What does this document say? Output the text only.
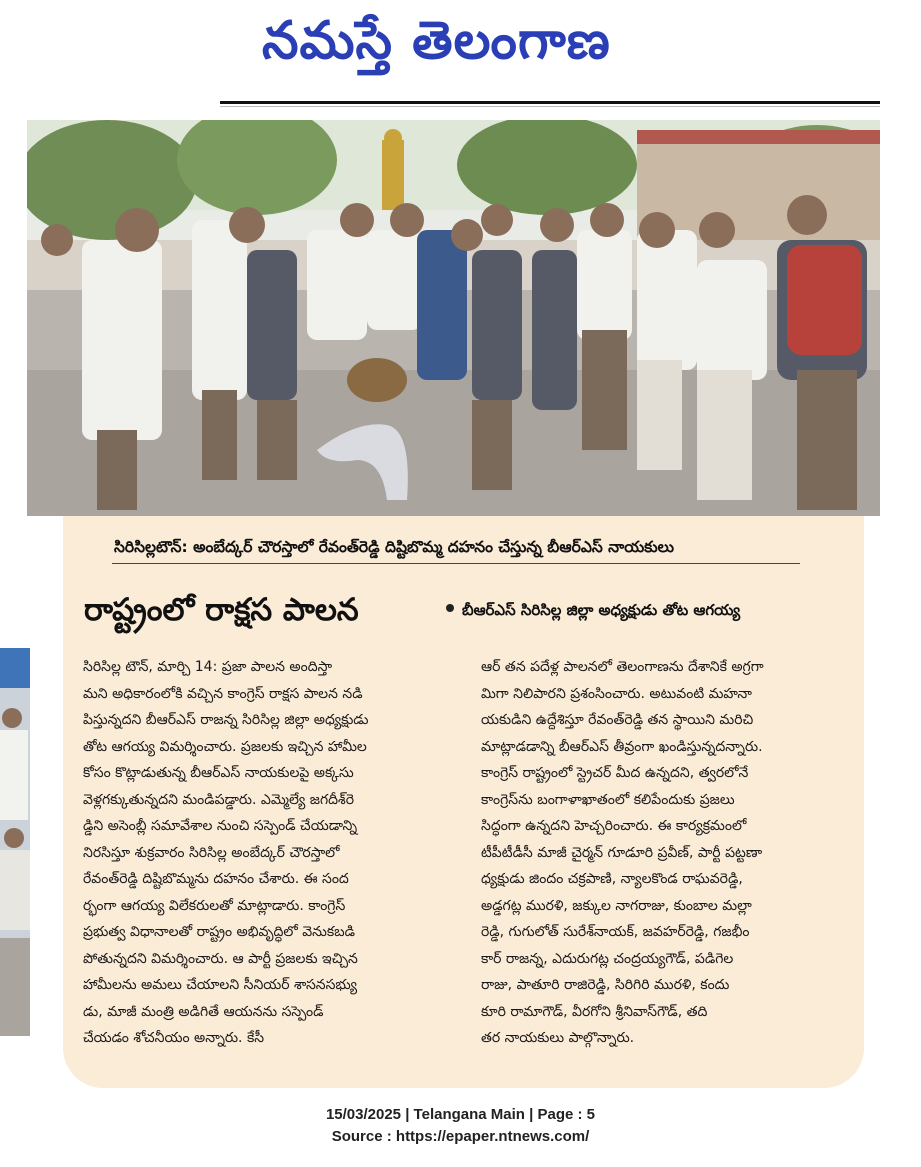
నమస్తే తెలంగాణ
సిరిసిల్లటౌన్: అంబేద్కర్ చౌరస్తాలో రేవంత్‌రెడ్డి దిష్టిబొమ్మ దహనం చేస్తున్న బీఆర్‌ఎస్ నాయకులు
రాష్ట్రంలో రాక్షస పాలన	బీఆర్‌ఎస్ సిరిసిల్ల జిల్లా అధ్యక్షుడు తోట ఆగయ్య

సిరిసిల్ల టౌన్, మార్చి 14: ప్రజా పాలన అందిస్తా

మని అధికారంలోకి వచ్చిన కాంగ్రెస్ రాక్షస పాలన నడి

పిస్తున్నదని బీఆర్‌ఎస్ రాజన్న సిరిసిల్ల జిల్లా అధ్యక్షుడు

తోట ఆగయ్య విమర్శించారు. ప్రజలకు ఇచ్చిన హామీల

కోసం కొట్లాడుతున్న బీఆర్‌ఎస్ నాయకులపై అక్కసు

వెళ్లగక్కుతున్నదని మండిపడ్డారు. ఎమ్మెల్యే జగదీశ్‌రె

డ్డిని అసెంబ్లీ సమావేశాల నుంచి సస్పెండ్ చేయడాన్ని

నిరసిస్తూ శుక్రవారం సిరిసిల్ల అంబేద్కర్ చౌరస్తాలో

రేవంత్‌రెడ్డి దిష్టిబొమ్మను దహనం చేశారు. ఈ సంద

ర్భంగా ఆగయ్య విలేకరులతో మాట్లాడారు. కాంగ్రెస్

ప్రభుత్వ విధానాలతో రాష్ట్రం అభివృద్ధిలో వెనుకబడి

పోతున్నదని విమర్శించారు. ఆ పార్టీ ప్రజలకు ఇచ్చిన

హామీలను అమలు చేయాలని సీనియర్ శాసనసభ్యు

డు, మాజీ మంత్రి అడిగితే ఆయనను సస్పెండ్

చేయడం శోచనీయం అన్నారు. కేసీ

ఆర్ తన పదేళ్ల పాలనలో తెలంగాణను దేశానికే అగ్రగా

మిగా నిలిపారని ప్రశంసించారు. అటువంటి మహనా

యకుడిని ఉద్దేశిస్తూ రేవంత్‌రెడ్డి తన స్థాయిని మరిచి

మాట్లాడడాన్ని బీఆర్‌ఎస్ తీవ్రంగా ఖండిస్తున్నదన్నారు.

కాంగ్రెస్ రాష్ట్రంలో స్ట్రెచర్ మీద ఉన్నదని, త్వరలోనే

కాంగ్రెస్‌ను బంగాళాఖాతంలో కలిపేందుకు ప్రజలు

సిద్ధంగా ఉన్నదని హెచ్చరించారు. ఈ కార్యక్రమంలో

టీపీటీడీసీ మాజీ చైర్మన్ గూడూరి ప్రవీణ్, పార్టీ పట్టణా

ధ్యక్షుడు జిందం చక్రపాణి, న్యాలకొండ రాఘవరెడ్డి,

అడ్డగట్ల మురళి, జక్కుల నాగరాజు, కుంబాల మల్లా

రెడ్డి, గుగులోత్ సురేశ్‌నాయక్, జవహర్‌రెడ్డి, గజభీం

కార్ రాజన్న, ఎదురుగట్ల చంద్రయ్యగౌడ్, పడిగెల

రాజు, పాతూరి రాజిరెడ్డి, సిరిగిరి మురళి, కందు

కూరి రామాగౌడ్, వీరగోని శ్రీనివాస్‌గౌడ్, తది

తర నాయకులు పాల్గొన్నారు.

15/03/2025 | Telangana Main | Page : 5
Source : https://epaper.ntnews.com/
